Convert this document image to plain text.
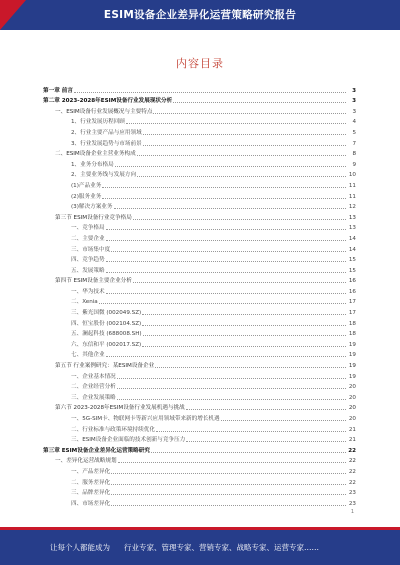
ESIM设备企业差异化运营策略研究报告
内容目录
第一章 前言	3
第二章 2023-2028年ESIM设备行业发展现状分析	3
一、ESIM设备行业发展概况与主要特点	3
1、行业发展历程回顾	4
2、行业主要产品与应用领域	5
3、行业发展趋势与市场前景	7
二、ESIM设备企业主营业务构成	8
1、业务分布格局	9
2、主要业务线与发展方向	10
(1)产品业务	11
(2)服务业务	11
(3)解决方案业务	12
第三节 ESIM设备行业竞争格局	13
一、竞争格局	13
二、主要企业	14
三、市场集中度	14
四、竞争趋势	15
五、发展策略	15
第四节 ESIM设备主要企业分析	16
一、华为技术	16
二、Xenia	17
三、紫光国微 (002049.SZ)	17
四、恒宝股份 (002104.SZ)	18
五、澜起科技 (688008.SH)	18
六、东信和平 (002017.SZ)	19
七、其他企业	19
第五节 行业案例研究：某ESIM设备企业	19
一、企业基本情况	19
二、企业经营分析	20
三、企业发展策略	20
第六节 2023-2028年ESIM设备行业发展机遇与挑战	20
一、5G-SIM卡、物联网卡等新兴应用领域带来新的增长机遇	20
二、行业标准与政策环境持续优化	21
三、ESIM设备企业面临的技术创新与竞争压力	21
第三章 ESIM设备企业差异化运营策略研究	22
一、差异化运营战略规划	22
一、产品差异化	22
二、服务差异化	22
三、品牌差异化	23
四、市场差异化	23
1
让每个人都能成为	行业专家、管理专家、营销专家、战略专家、运营专家……
